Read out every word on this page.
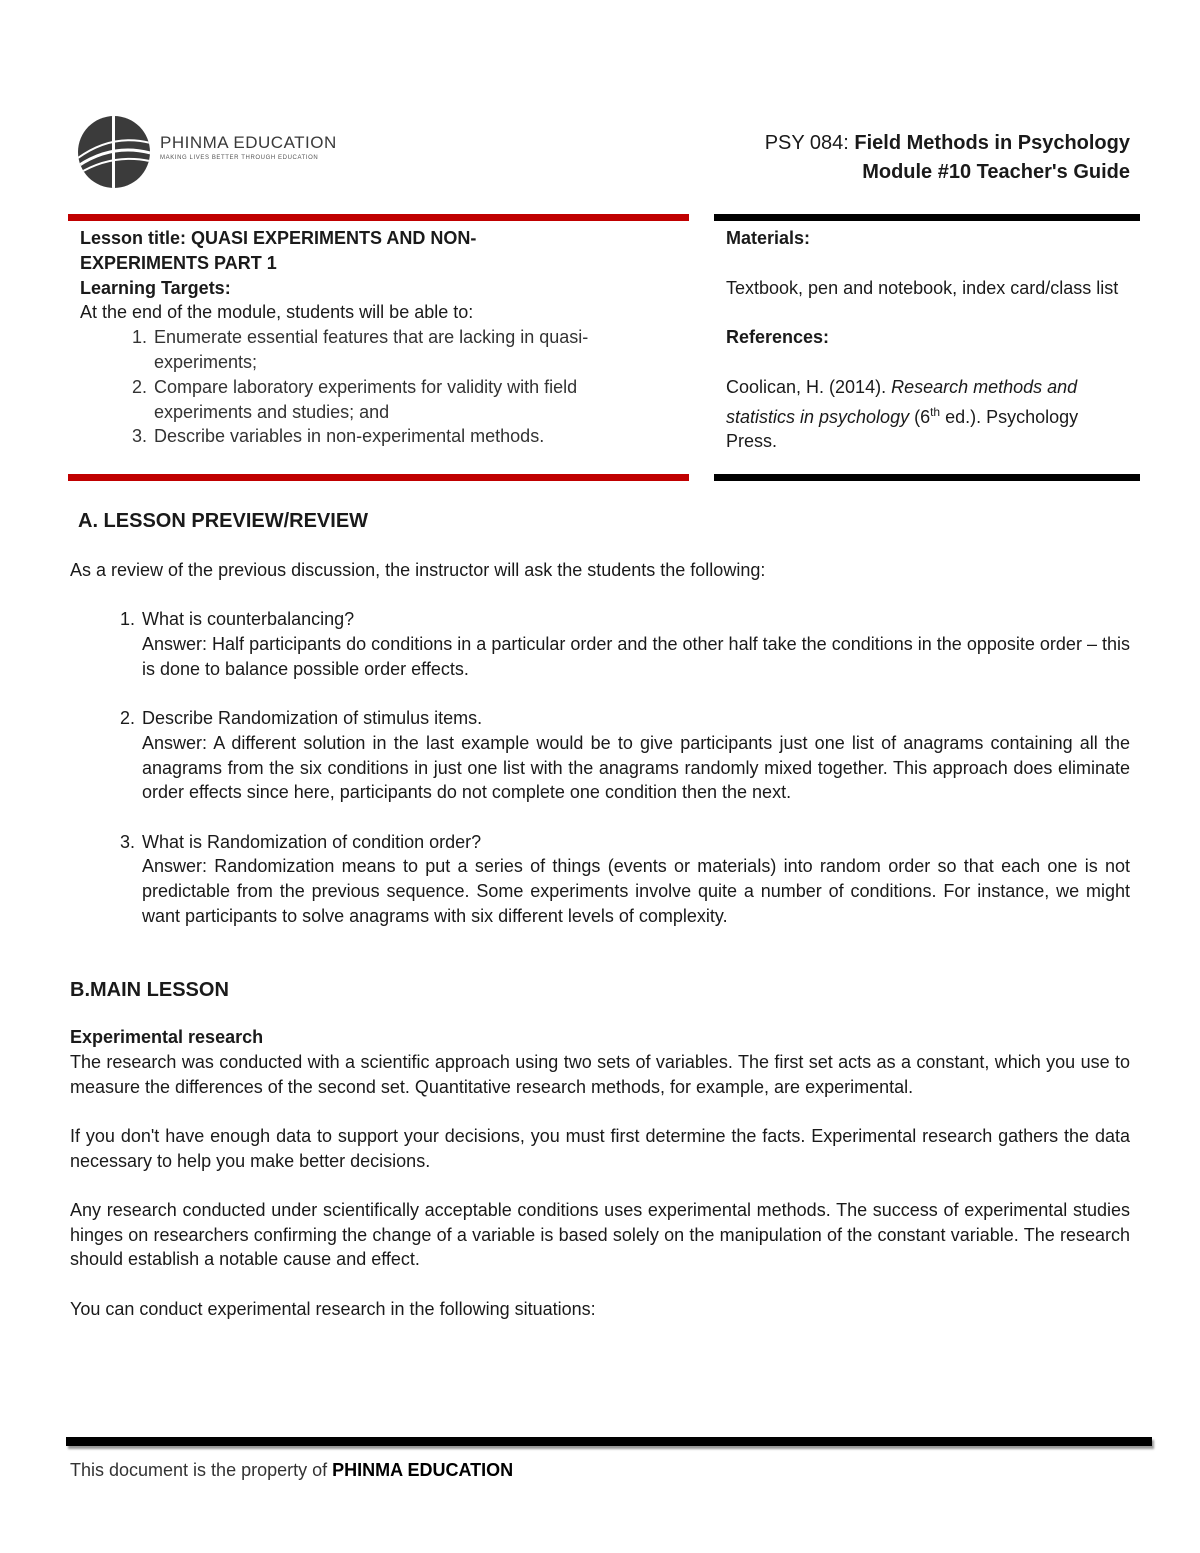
PHINMA EDUCATION
MAKING LIVES BETTER THROUGH EDUCATION
PSY 084: Field Methods in Psychology
Module #10 Teacher's Guide
Lesson title: QUASI EXPERIMENTS AND NON-
EXPERIMENTS PART 1
Learning Targets:
At the end of the module, students will be able to:
1. Enumerate essential features that are lacking in quasi-experiments;
2. Compare laboratory experiments for validity with field experiments and studies; and
3. Describe variables in non-experimental methods.

Materials:

Textbook, pen and notebook, index card/class list

References:

Coolican, H. (2014). Research methods and statistics in psychology (6th ed.). Psychology Press.

A. LESSON PREVIEW/REVIEW

As a review of the previous discussion, the instructor will ask the students the following:

1. What is counterbalancing?
Answer: Half participants do conditions in a particular order and the other half take the conditions in the opposite order – this is done to balance possible order effects.
2. Describe Randomization of stimulus items.
Answer: A different solution in the last example would be to give participants just one list of anagrams containing all the anagrams from the six conditions in just one list with the anagrams randomly mixed together. This approach does eliminate order effects since here, participants do not complete one condition then the next.
3. What is Randomization of condition order?
Answer: Randomization means to put a series of things (events or materials) into random order so that each one is not predictable from the previous sequence. Some experiments involve quite a number of conditions. For instance, we might want participants to solve anagrams with six different levels of complexity.
B.MAIN LESSON
Experimental research

The research was conducted with a scientific approach using two sets of variables. The first set acts as a constant, which you use to measure the differences of the second set. Quantitative research methods, for example, are experimental.

If you don't have enough data to support your decisions, you must first determine the facts. Experimental research gathers the data necessary to help you make better decisions.

Any research conducted under scientifically acceptable conditions uses experimental methods. The success of experimental studies hinges on researchers confirming the change of a variable is based solely on the manipulation of the constant variable. The research should establish a notable cause and effect.

You can conduct experimental research in the following situations:

This document is the property of PHINMA EDUCATION
